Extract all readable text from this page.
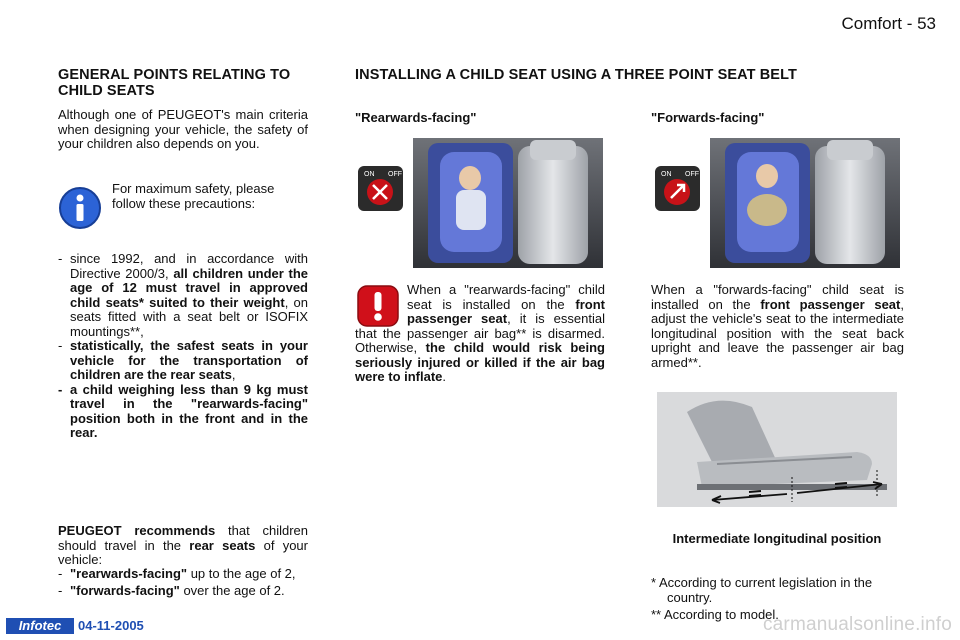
Comfort - 53
GENERAL POINTS RELATING TO CHILD SEATS
Although one of PEUGEOT's main criteria when designing your vehicle, the safety of your children also depends on you.
For maximum safety, please follow these precautions:
- since 1992, and in accordance with Directive 2000/3, all children under the age of 12 must travel in approved child seats* suited to their weight, on seats fitted with a seat belt or ISOFIX mountings**,
- statistically, the safest seats in your vehicle for the transportation of children are the rear seats,
- a child weighing less than 9 kg must travel in the "rearwards-facing" position both in the front and in the rear.
PEUGEOT recommends that children should travel in the rear seats of your vehicle:
- "rearwards-facing" up to the age of 2,
- "forwards-facing" over the age of 2.
INSTALLING A CHILD SEAT USING A THREE POINT SEAT BELT
"Rearwards-facing"	"Forwards-facing"
ON OFF	ON OFF
When a "rearwards-facing" child seat is installed on the front passenger seat, it is essential that the passenger air bag** is disarmed. Otherwise, the child would risk being seriously injured or killed if the air bag were to inflate.
When a "forwards-facing" child seat is installed on the front passenger seat, adjust the vehicle's seat to the intermediate longitudinal position with the seat back upright and leave the passenger air bag armed**.
Intermediate longitudinal position
* According to current legislation in the country.
** According to model.
Infotec	04-11-2005	carmanualsonline.info
